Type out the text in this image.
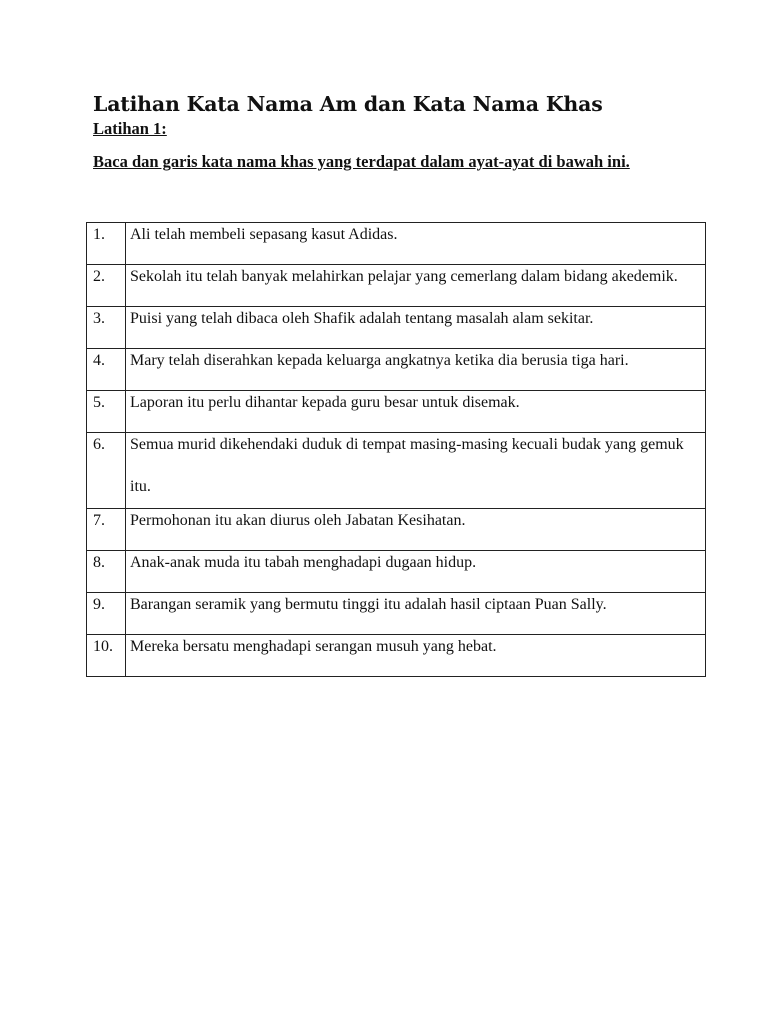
Latihan Kata Nama Am dan Kata Nama Khas

Latihan 1:

Baca dan garis kata nama khas yang terdapat dalam ayat-ayat di bawah ini.

1.	Ali telah membeli sepasang kasut Adidas.

2.	Sekolah itu telah banyak melahirkan pelajar yang cemerlang dalam bidang akedemik.

3.	Puisi yang telah dibaca oleh Shafik adalah tentang masalah alam sekitar.

4.	Mary telah diserahkan kepada keluarga angkatnya ketika dia berusia tiga hari.

5.	Laporan itu perlu dihantar kepada guru besar untuk disemak.

6.	Semua murid dikehendaki duduk di tempat masing-masing kecuali budak yang gemuk itu.

7.	Permohonan itu akan diurus oleh Jabatan Kesihatan.

8.	Anak-anak muda itu tabah menghadapi dugaan hidup.

9.	Barangan seramik yang bermutu tinggi itu adalah hasil ciptaan Puan Sally.

10.	Mereka bersatu menghadapi serangan musuh yang hebat.
